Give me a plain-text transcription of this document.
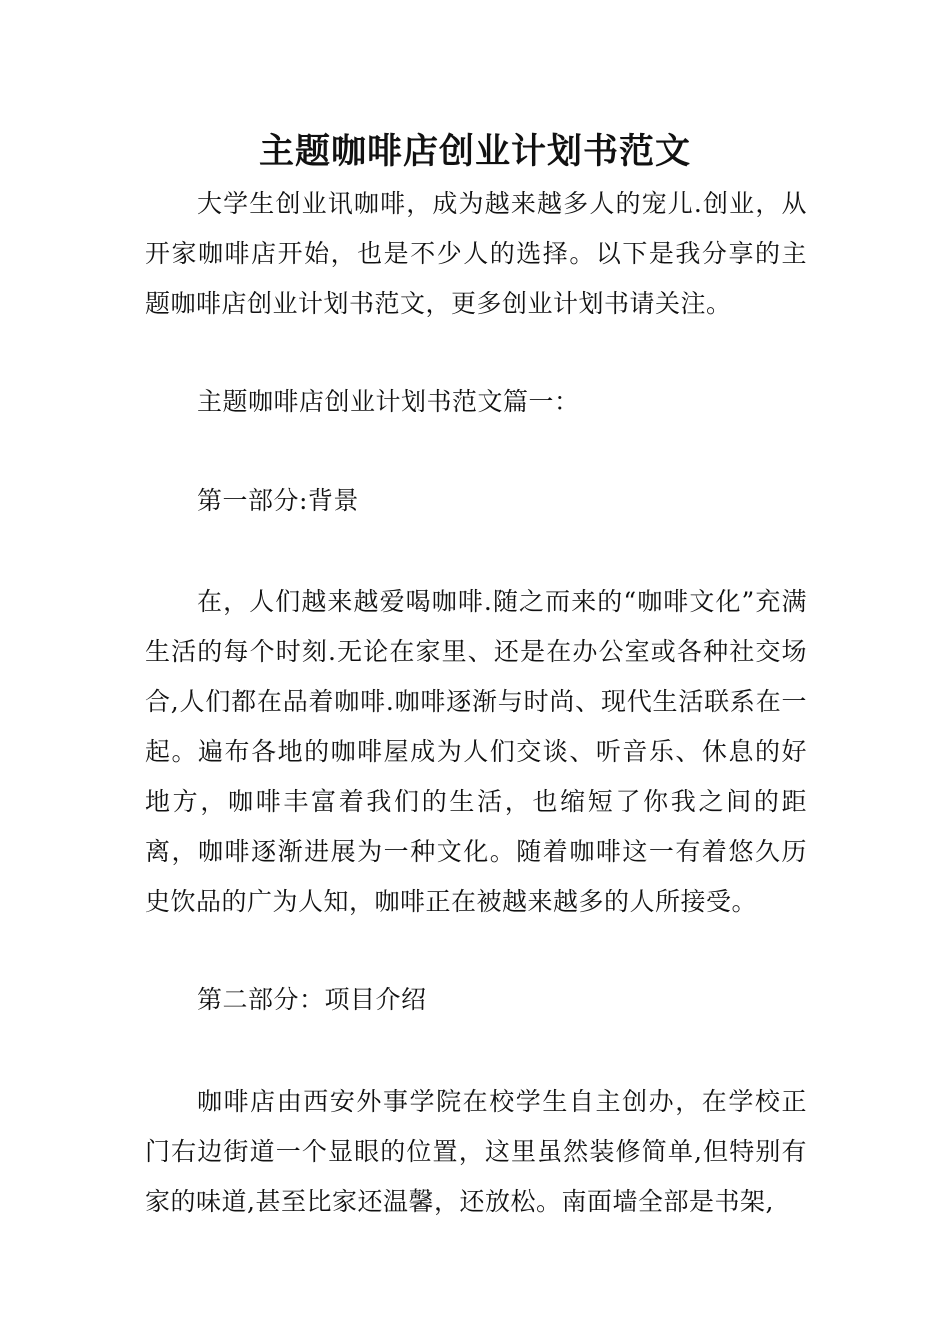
主题咖啡店创业计划书范文

大学生创业讯咖啡，成为越来越多人的宠儿.创业，从开家咖啡店开始，也是不少人的选择。以下是我分享的主题咖啡店创业计划书范文，更多创业计划书请关注。

主题咖啡店创业计划书范文篇一：

第一部分:背景

在，人们越来越爱喝咖啡.随之而来的“咖啡文化”充满生活的每个时刻.无论在家里、还是在办公室或各种社交场合,人们都在品着咖啡.咖啡逐渐与时尚、现代生活联系在一起。遍布各地的咖啡屋成为人们交谈、听音乐、休息的好地方，咖啡丰富着我们的生活，也缩短了你我之间的距离，咖啡逐渐进展为一种文化。随着咖啡这一有着悠久历史饮品的广为人知，咖啡正在被越来越多的人所接受。

第二部分：项目介绍

咖啡店由西安外事学院在校学生自主创办，在学校正门右边街道一个显眼的位置，这里虽然装修简单,但特别有家的味道,甚至比家还温馨，还放松。南面墙全部是书架,
